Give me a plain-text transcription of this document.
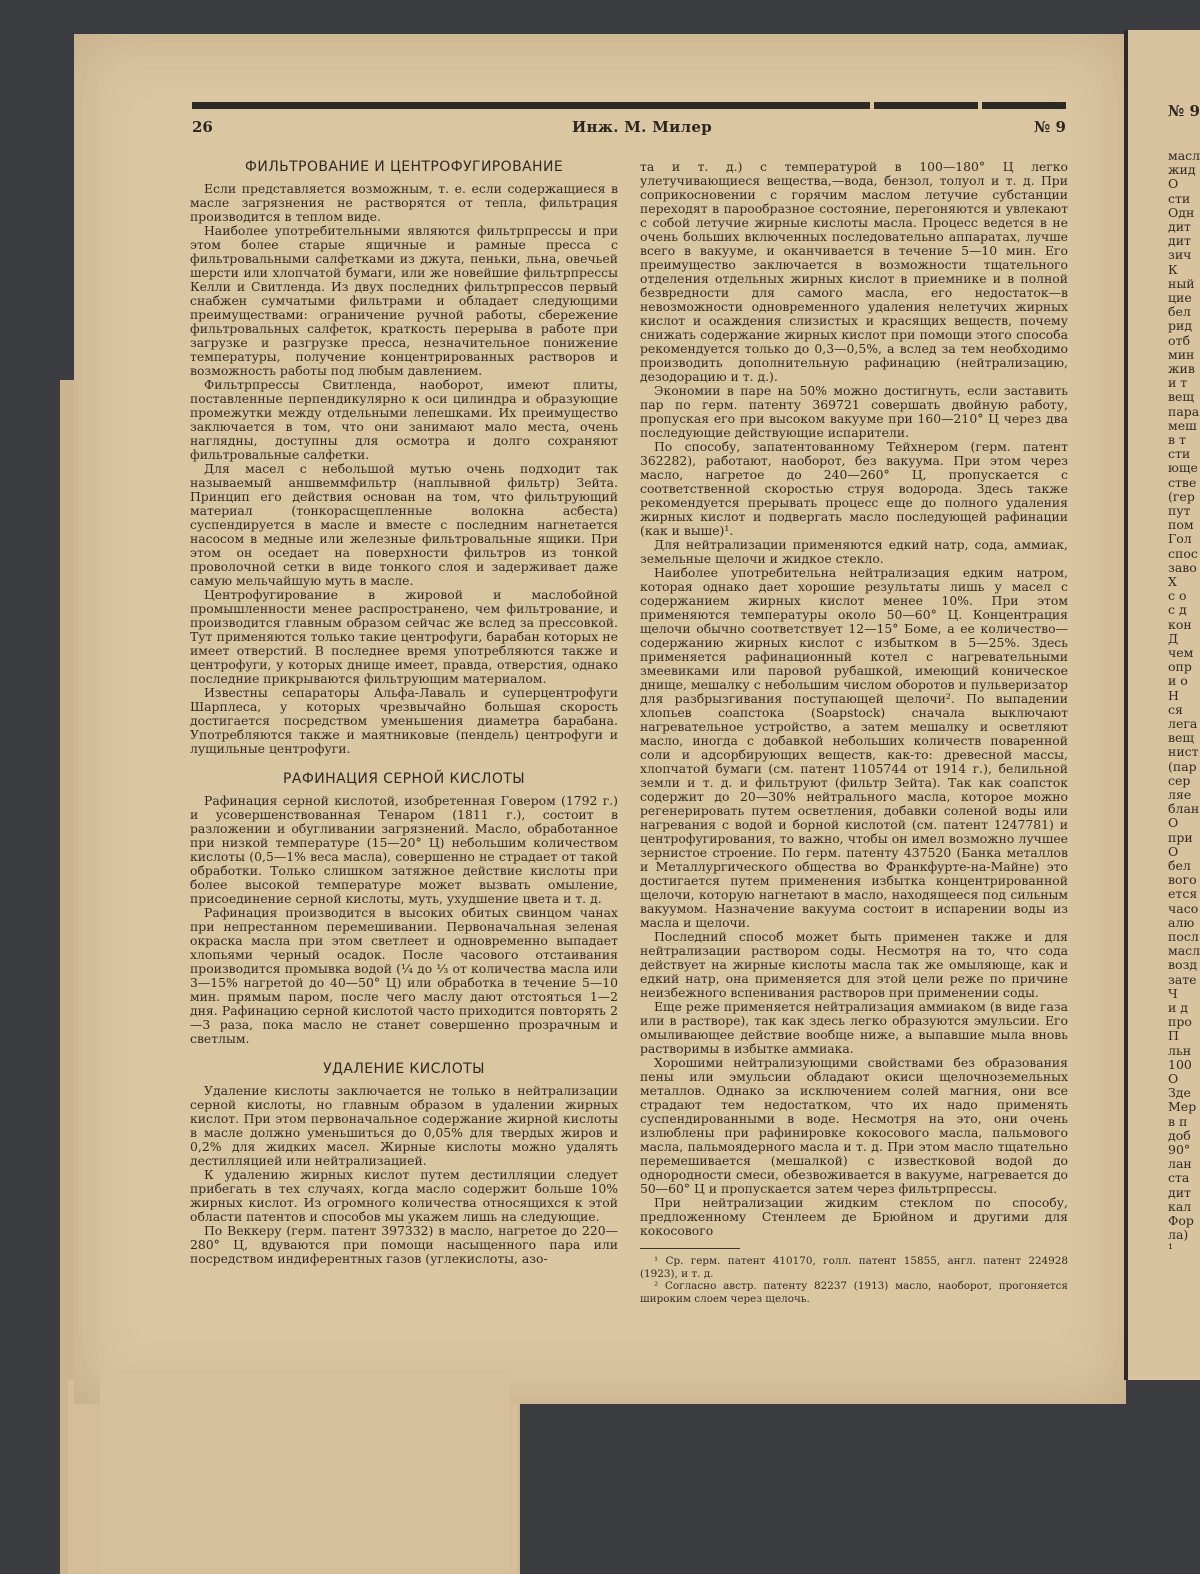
№ 9
масл
жид
О
сти
Одн
дит
дит
зич
К
ный
цие
бел
рид
отб
мин
жив
и т
вещ
пара
меш
в т
сти
юще
стве
(гер
пут
пом
Гол
спос
заво
Х
с о
с д
кон
Д
чем
опр
и о
Н
ся
лега
вещ
нист
(пар
сер
ляе
блан
О
при
О
бел
вого
ется
часо
алю
посл
масл
возд
зате
Ч
и д
про
П
льн
100
О
Зде
Мер
в п
доб
90°
лан
ста
дит
кал
Фор
ла)
¹
26	Инж. М. Милер	№ 9
ФИЛЬТРОВАНИЕ И ЦЕНТРОФУГИРОВАНИЕ

Если представляется возможным, т. е. если содержащиеся в масле загрязнения не растворятся от тепла, фильтрация производится в теплом виде.

Наиболее употребительными являются фильтрпрессы и при этом более старые ящичные и рамные пресса с фильтровальными салфетками из джута, пеньки, льна, овечьей шерсти или хлопчатой бумаги, или же новейшие фильтрпрессы Келли и Свитленда. Из двух последних фильтрпрессов первый снабжен сумчатыми фильтрами и обладает следующими преимуществами: ограничение ручной работы, сбережение фильтровальных салфеток, краткость перерыва в работе при загрузке и разгрузке пресса, незначительное понижение температуры, получение концентрированных растворов и возможность работы под любым давлением.

Фильтрпрессы Свитленда, наоборот, имеют плиты, поставленные перпендикулярно к оси цилиндра и образующие промежутки между отдельными лепешками. Их преимущество заключается в том, что они занимают мало места, очень наглядны, доступны для осмотра и долго сохраняют фильтровальные салфетки.

Для масел с небольшой мутью очень подходит так называемый аншвеммфильтр (наплывной фильтр) Зейта. Принцип его действия основан на том, что фильтрующий материал (тонкорасщепленные волокна асбеста) суспендируется в масле и вместе с последним нагнетается насосом в медные или железные фильтровальные ящики. При этом он оседает на поверхности фильтров из тонкой проволочной сетки в виде тонкого слоя и задерживает даже самую мельчайшую муть в масле.

Центрофугирование в жировой и маслобойной промышленности менее распространено, чем фильтрование, и производится главным образом сейчас же вслед за прессовкой. Тут применяются только такие центрофуги, барабан которых не имеет отверстий. В последнее время употребляются также и центрофуги, у которых днище имеет, правда, отверстия, однако последние прикрываются фильтрующим материалом.

Известны сепараторы Альфа-Лаваль и суперцентрофуги Шарплеса, у которых чрезвычайно большая скорость достигается посредством уменьшения диаметра барабана. Употребляются также и маятниковые (пендель) центрофуги и лущильные центрофуги.

РАФИНАЦИЯ СЕРНОЙ КИСЛОТЫ

Рафинация серной кислотой, изобретенная Говером (1792 г.) и усовершенствованная Тенаром (1811 г.), состоит в разложении и обугливании загрязнений. Масло, обработанное при низкой температуре (15—20° Ц) небольшим количеством кислоты (0,5—1% веса масла), совершенно не страдает от такой обработки. Только слишком затяжное действие кислоты при более высокой температуре может вызвать омыление, присоединение серной кислоты, муть, ухудшение цвета и т. д.

Рафинация производится в высоких обитых свинцом чанах при непрестанном перемешивании. Первоначальная зеленая окраска масла при этом светлеет и одновременно выпадает хлопьями черный осадок. После часового отстаивания производится промывка водой (¼ до ⅓ от количества масла или 3—15% нагретой до 40—50° Ц) или обработка в течение 5—10 мин. прямым паром, после чего маслу дают отстояться 1—2 дня. Рафинацию серной кислотой часто приходится повторять 2—3 раза, пока масло не станет совершенно прозрачным и светлым.

УДАЛЕНИЕ КИСЛОТЫ

Удаление кислоты заключается не только в нейтрализации серной кислоты, но главным образом в удалении жирных кислот. При этом первоначальное содержание жирной кислоты в масле должно уменьшиться до 0,05% для твердых жиров и 0,2% для жидких масел. Жирные кислоты можно удалять дестилляцией или нейтрализацией.

К удалению жирных кислот путем дестилляции следует прибегать в тех случаях, когда масло содержит больше 10% жирных кислот. Из огромного количества относящихся к этой области патентов и способов мы укажем лишь на следующие.

По Веккеру (герм. патент 397332) в масло, нагретое до 220—280° Ц, вдуваются при помощи насыщенного пара или посредством индиферентных газов (углекислоты, азо-

та и т. д.) с температурой в 100—180° Ц легко улетучивающиеся вещества,—вода, бензол, толуол и т. д. При соприкосновении с горячим маслом летучие субстанции переходят в парообразное состояние, перегоняются и увлекают с собой летучие жирные кислоты масла. Процесс ведется в не очень больших включенных последовательно аппаратах, лучше всего в вакууме, и оканчивается в течение 5—10 мин. Его преимущество заключается в возможности тщательного отделения отдельных жирных кислот в приемнике и в полной безвредности для самого масла, его недостаток—в невозможности одновременного удаления нелетучих жирных кислот и осаждения слизистых и красящих веществ, почему снижать содержание жирных кислот при помощи этого способа рекомендуется только до 0,3—0,5%, а вслед за тем необходимо производить дополнительную рафинацию (нейтрализацию, дезодорацию и т. д.).

Экономии в паре на 50% можно достигнуть, если заставить пар по герм. патенту 369721 совершать двойную работу, пропуская его при высоком вакууме при 160—210° Ц через два последующие действующие испарители.

По способу, запатентованному Тейхнером (герм. патент 362282), работают, наоборот, без вакуума. При этом через масло, нагретое до 240—260° Ц, пропускается с соответственной скоростью струя водорода. Здесь также рекомендуется прерывать процесс еще до полного удаления жирных кислот и подвергать масло последующей рафинации (как и выше)¹.

Для нейтрализации применяются едкий натр, сода, аммиак, земельные щелочи и жидкое стекло.

Наиболее употребительна нейтрализация едким натром, которая однако дает хорошие результаты лишь у масел с содержанием жирных кислот менее 10%. При этом применяются температуры около 50—60° Ц. Концентрация щелочи обычно соответствует 12—15° Боме, а ее количество—содержанию жирных кислот с избытком в 5—25%. Здесь применяется рафинационный котел с нагревательными змеевиками или паровой рубашкой, имеющий коническое днище, мешалку с небольшим числом оборотов и пульверизатор для разбрызгивания поступающей щелочи². По выпадении хлопьев соапстока (Soapstock) сначала выключают нагревательное устройство, а затем мешалку и осветляют масло, иногда с добавкой небольших количеств поваренной соли и адсорбирующих веществ, как-то: древесной массы, хлопчатой бумаги (см. патент 1105744 от 1914 г.), белильной земли и т. д. и фильтруют (фильтр Зейта). Так как соапсток содержит до 20—30% нейтрального масла, которое можно регенерировать путем осветления, добавки соленой воды или нагревания с водой и борной кислотой (см. патент 1247781) и центрофугирования, то важно, чтобы он имел возможно лучшее зернистое строение. По герм. патенту 437520 (Банка металлов и Металлургического общества во Франкфурте-на-Майне) это достигается путем применения избытка концентрированной щелочи, которую нагнетают в масло, находящееся под сильным вакуумом. Назначение вакуума состоит в испарении воды из масла и щелочи.

Последний способ может быть применен также и для нейтрализации раствором соды. Несмотря на то, что сода действует на жирные кислоты масла так же омыляюще, как и едкий натр, она применяется для этой цели реже по причине неизбежного вспенивания растворов при применении соды.

Еще реже применяется нейтрализация аммиаком (в виде газа или в растворе), так как здесь легко образуются эмульсии. Его омыливающее действие вообще ниже, а выпавшие мыла вновь растворимы в избытке аммиака.

Хорошими нейтрализующими свойствами без образования пены или эмульсии обладают окиси щелочноземельных металлов. Однако за исключением солей магния, они все страдают тем недостатком, что их надо применять суспендированными в воде. Несмотря на это, они очень излюблены при рафинировке кокосового масла, пальмового масла, пальмоядерного масла и т. д. При этом масло тщательно перемешивается (мешалкой) с известковой водой до однородности смеси, обезвоживается в вакууме, нагревается до 50—60° Ц и пропускается затем через фильтрпрессы.

При нейтрализации жидким стеклом по способу, предложенному Стенлеем де Брюйном и другими для кокосового

¹ Ср. герм. патент 410170, голл. патент 15855, англ. патент 224928 (1923), и т. д.

² Согласно австр. патенту 82237 (1913) масло, наоборот, прогоняется широким слоем через щелочь.
